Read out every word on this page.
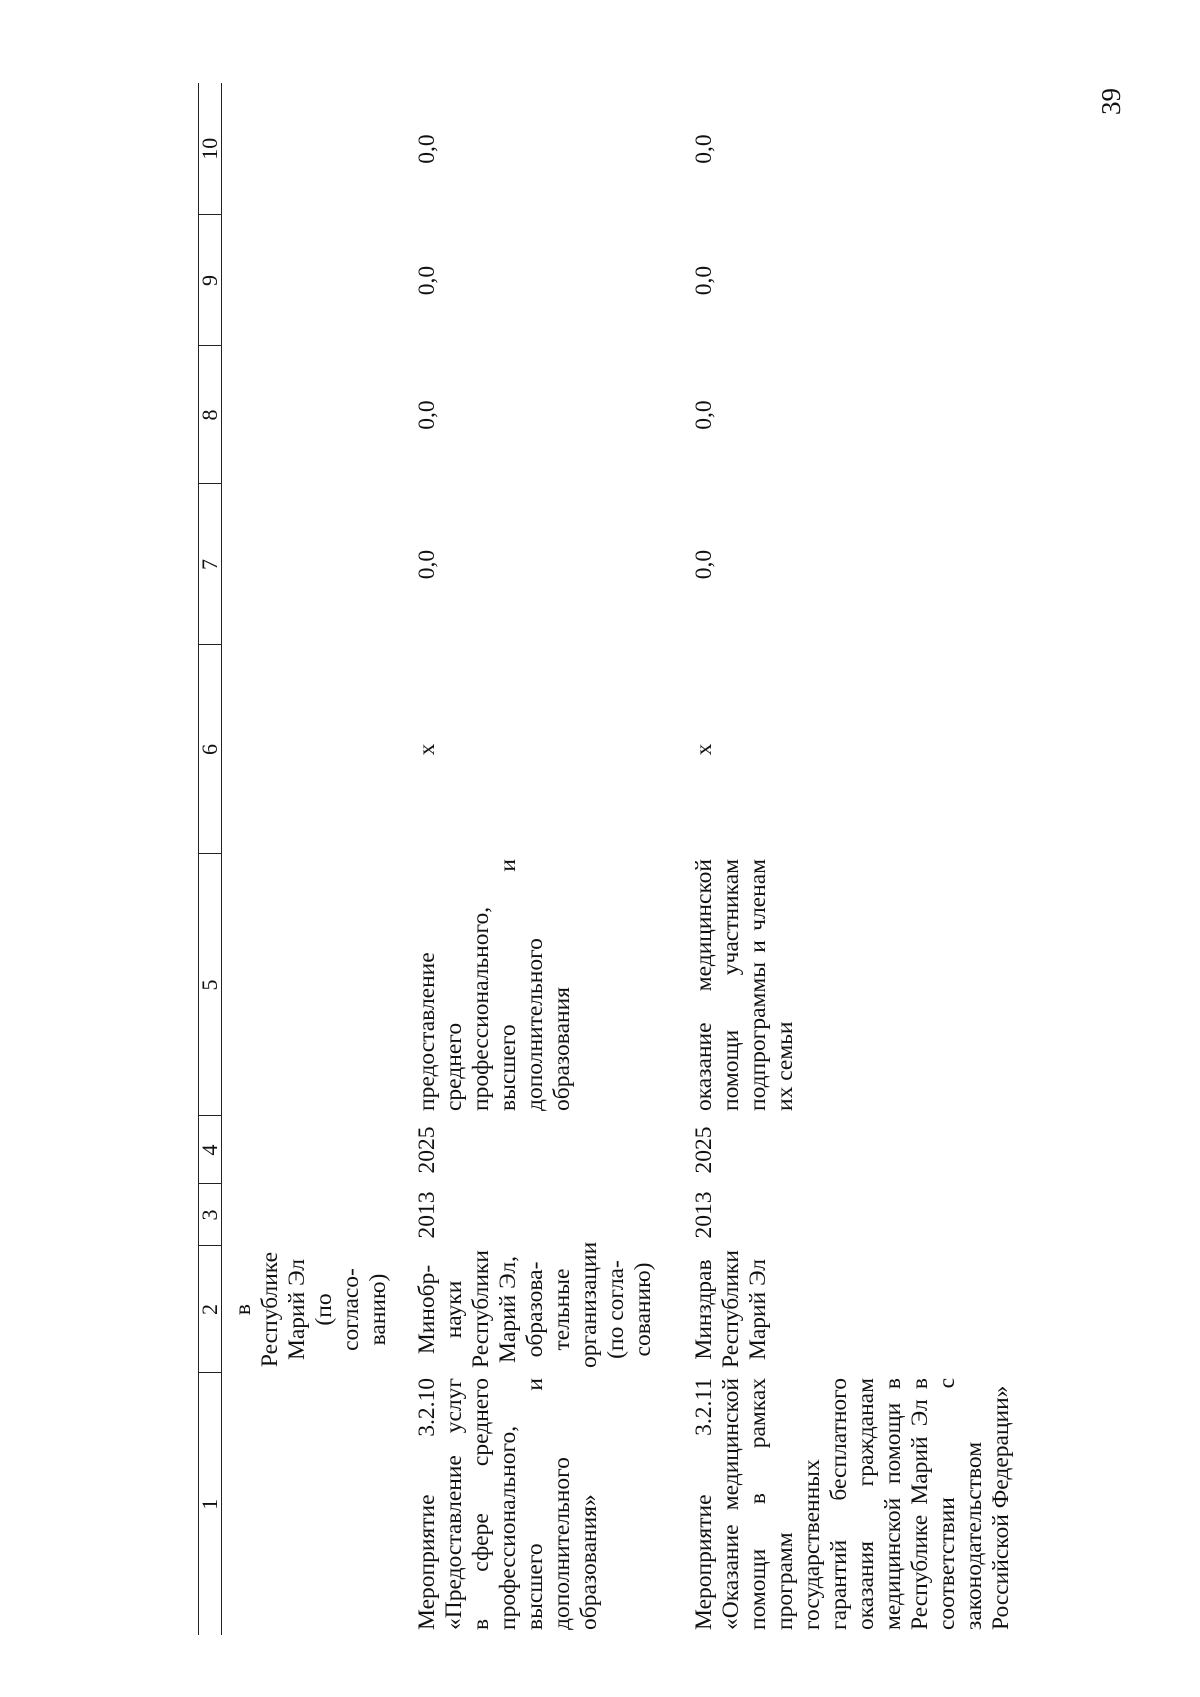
39
1	2	3	4	5	6	7	8	9	10
	в Республике Марий Эл (по согласо- ванию)								
Мероприятие 3.2.10 «Предоставление услуг в сфере среднего профессионального, высшего и дополнительного образования»	Минобр- науки Республики Марий Эл, образова- тельные организации (по согла- сованию)	2013	2025	предоставление среднего профессионального, высшего и дополнительного образования	х	0,0	0,0	0,0	0,0
Мероприятие 3.2.11 «Оказание медицинской помощи в рамках программ государственных гарантий бесплатного оказания гражданам медицинской помощи в Республике Марий Эл в соответствии с законодательством Российской Федерации»	Минздрав Республики Марий Эл	2013	2025	оказание медицинской помощи участникам подпрограммы и членам их семьи	х	0,0	0,0	0,0	0,0
